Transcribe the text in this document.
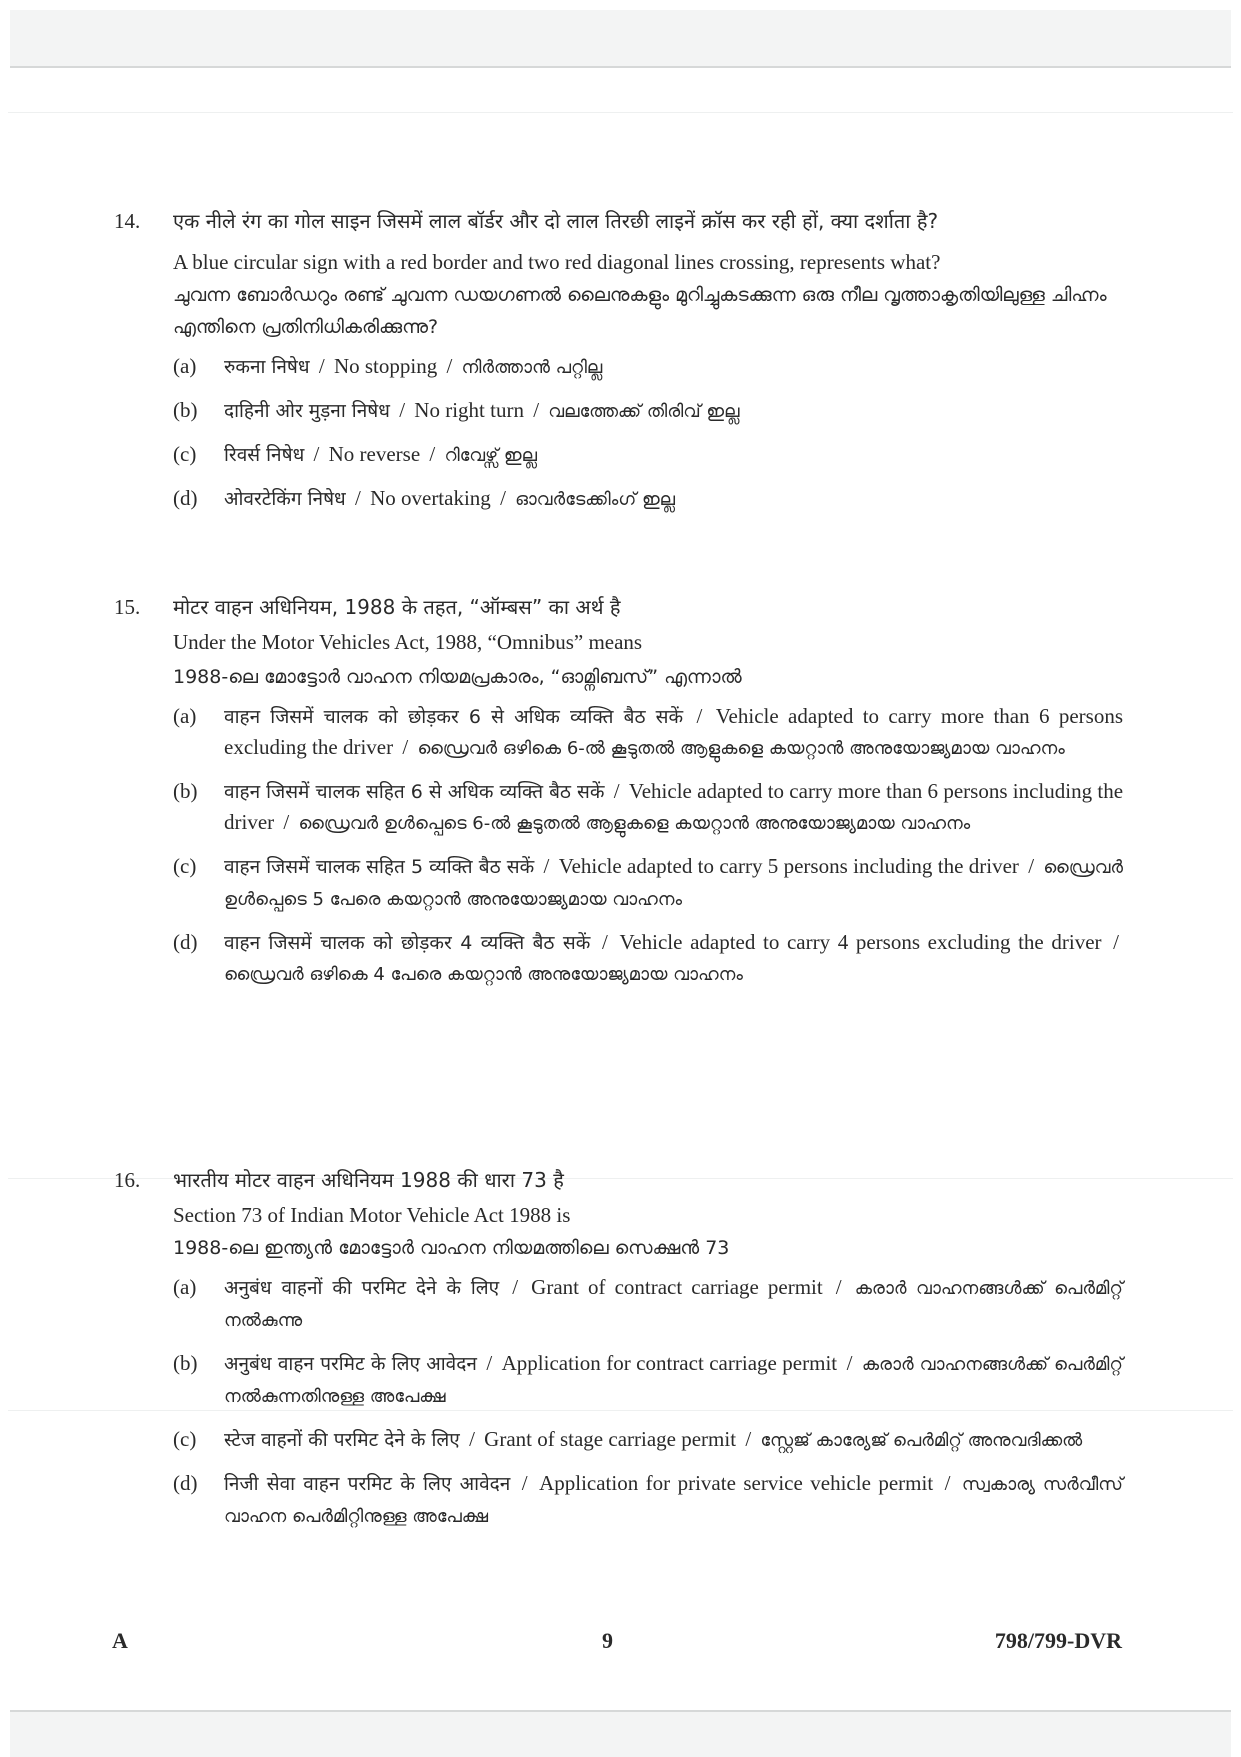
14. एक नीले रंग का गोल साइन जिसमें लाल बॉर्डर और दो लाल तिरछी लाइनें क्रॉस कर रही हों, क्या दर्शाता है?
A blue circular sign with a red border and two red diagonal lines crossing, represents what?
ചുവന്ന ബോർഡറും രണ്ട് ചുവന്ന ഡയഗണൽ ലൈനുകളും മുറിച്ചുകടക്കുന്ന ഒരു നീല വൃത്താകൃതിയിലുള്ള ചിഹ്നം എന്തിനെ പ്രതിനിധികരിക്കുന്നു?
(a) रुकना निषेध / No stopping / നിർത്താൻ പറ്റില്ല
(b) दाहिनी ओर मुड़ना निषेध / No right turn / വലത്തേക്ക് തിരിവ് ഇല്ല
(c) रिवर्स निषेध / No reverse / റിവേഴ്സ് ഇല്ല
(d) ओवरटेकिंग निषेध / No overtaking / ഓവർടേക്കിംഗ് ഇല്ല
15. मोटर वाहन अधिनियम, 1988 के तहत, “ऑम्बस” का अर्थ है
Under the Motor Vehicles Act, 1988, “Omnibus” means
1988-ലെ മോട്ടോർ വാഹന നിയമപ്രകാരം, “ഓമ്നിബസ്” എന്നാൽ
(a) वाहन जिसमें चालक को छोड़कर 6 से अधिक व्यक्ति बैठ सकें / Vehicle adapted to carry more than 6 persons excluding the driver / ഡ്രൈവർ ഒഴികെ 6-ൽ കൂടുതൽ ആളുകളെ കയറ്റാൻ അനുയോജ്യമായ വാഹനം
(b) वाहन जिसमें चालक सहित 6 से अधिक व्यक्ति बैठ सकें / Vehicle adapted to carry more than 6 persons including the driver / ഡ്രൈവർ ഉൾപ്പെടെ 6-ൽ കൂടുതൽ ആളുകളെ കയറ്റാൻ അനുയോജ്യമായ വാഹനം
(c) वाहन जिसमें चालक सहित 5 व्यक्ति बैठ सकें / Vehicle adapted to carry 5 persons including the driver / ഡ്രൈവർ ഉൾപ്പെടെ 5 പേരെ കയറ്റാൻ അനുയോജ്യമായ വാഹനം
(d) वाहन जिसमें चालक को छोड़कर 4 व्यक्ति बैठ सकें / Vehicle adapted to carry 4 persons excluding the driver / ഡ്രൈവർ ഒഴികെ 4 പേരെ കയറ്റാൻ അനുയോജ്യമായ വാഹനം
16. भारतीय मोटर वाहन अधिनियम 1988 की धारा 73 है
Section 73 of Indian Motor Vehicle Act 1988 is
1988-ലെ ഇന്ത്യൻ മോട്ടോർ വാഹന നിയമത്തിലെ സെക്ഷൻ 73
(a) अनुबंध वाहनों की परमिट देने के लिए / Grant of contract carriage permit / കരാർ വാഹനങ്ങൾക്ക് പെർമിറ്റ് നൽകുന്നു
(b) अनुबंध वाहन परमिट के लिए आवेदन / Application for contract carriage permit / കരാർ വാഹനങ്ങൾക്ക് പെർമിറ്റ് നൽകുന്നതിനുള്ള അപേക്ഷ
(c) स्टेज वाहनों की परमिट देने के लिए / Grant of stage carriage permit / സ്റ്റേജ് കാര്യേജ് പെർമിറ്റ് അനുവദിക്കൽ
(d) निजी सेवा वाहन परमिट के लिए आवेदन / Application for private service vehicle permit / സ്വകാര്യ സർവീസ് വാഹന പെർമിറ്റിനുള്ള അപേക്ഷ
A	9	798/799-DVR
